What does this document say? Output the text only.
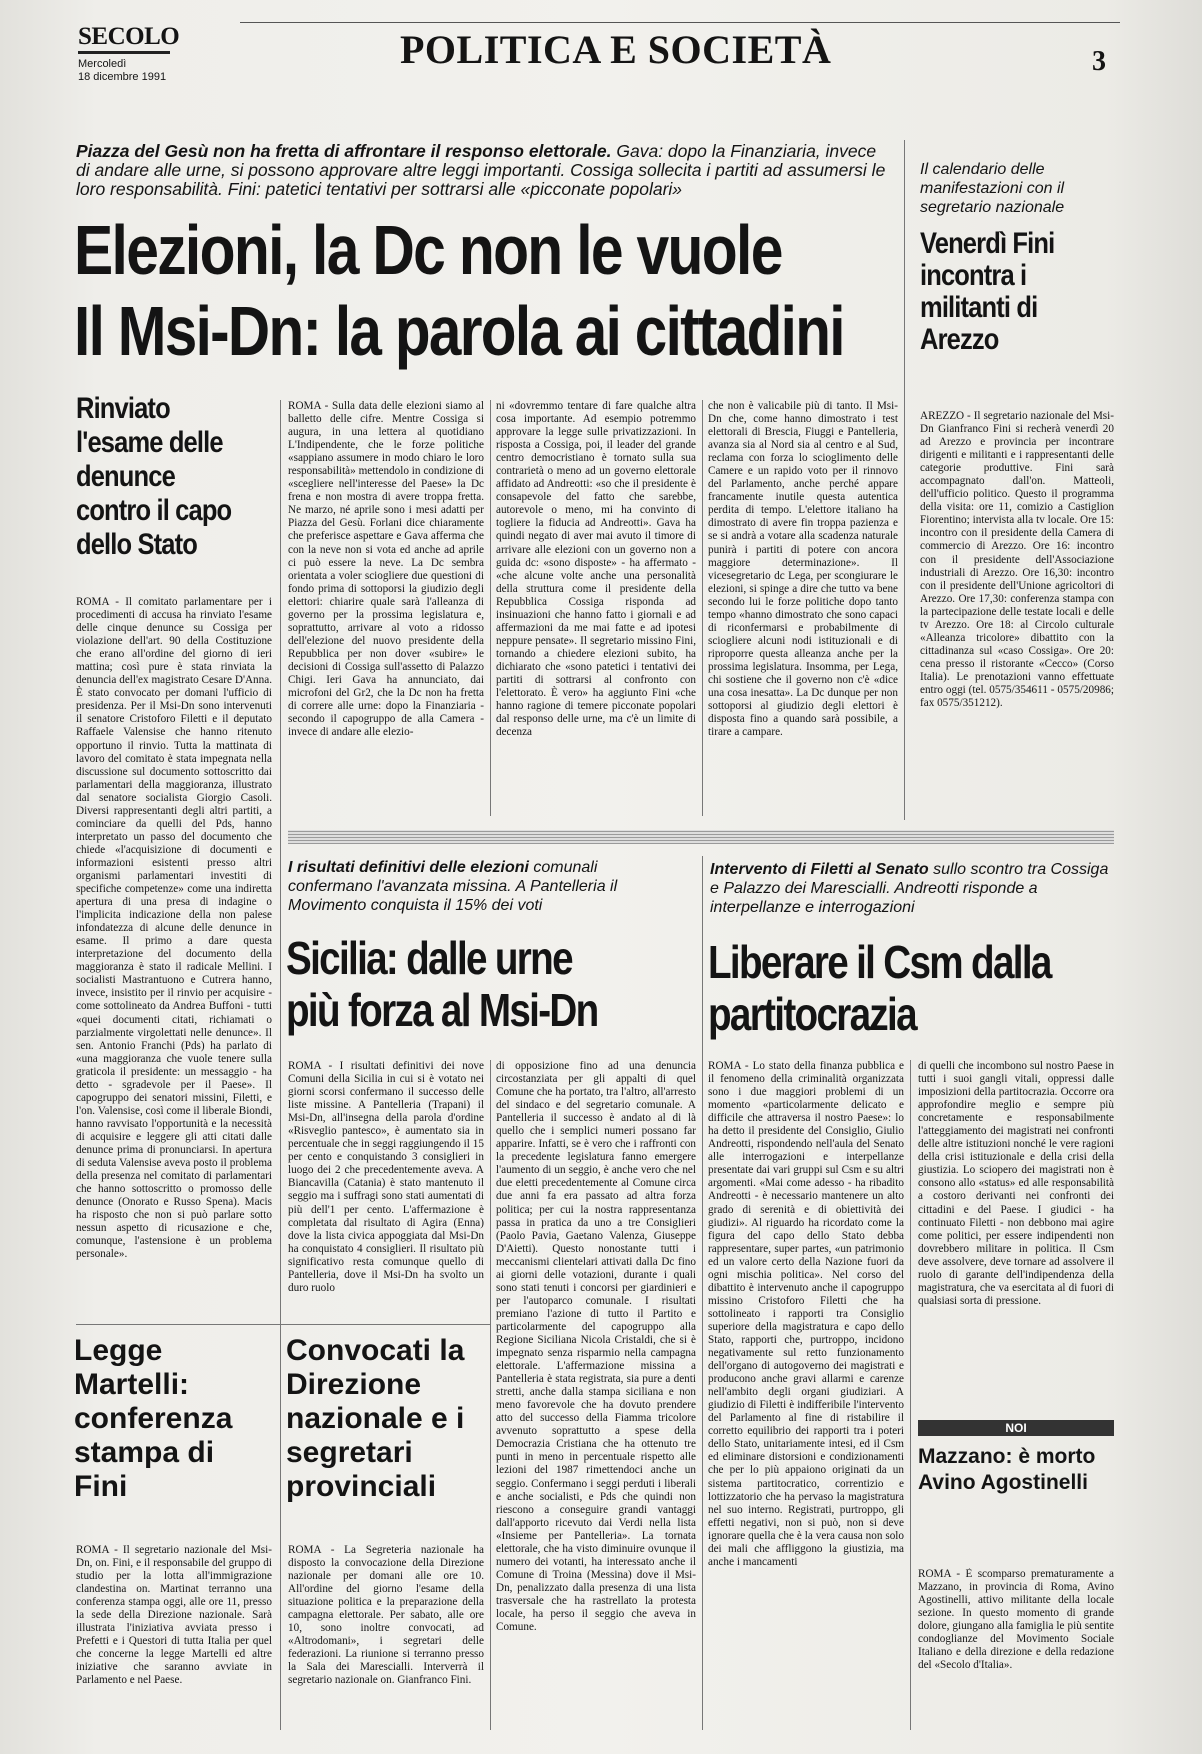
SECOLO
Mercoledì
18 dicembre 1991
POLITICA E SOCIETÀ	3
Piazza del Gesù non ha fretta di affrontare il responso elettorale. Gava: dopo la Finanziaria, invece di andare alle urne, si possono approvare altre leggi importanti. Cossiga sollecita i partiti ad assumersi le loro responsabilità. Fini: patetici tentativi per sottrarsi alle «picconate popolari»
Elezioni, la Dc non le vuole
Il Msi-Dn: la parola ai cittadini
Il calendario delle manifestazioni con il segretario nazionale
Venerdì Fini incontra i militanti di Arezzo
AREZZO - Il segretario nazionale del Msi-Dn Gianfranco Fini si recherà venerdì 20 ad Arezzo e provincia per incontrare dirigenti e militanti e i rappresentanti delle categorie produttive. Fini sarà accompagnato dall'on. Matteoli, dell'ufficio politico. Questo il programma della visita: ore 11, comizio a Castiglion Fiorentino; intervista alla tv locale. Ore 15: incontro con il presidente della Camera di commercio di Arezzo. Ore 16: incontro con il presidente dell'Associazione industriali di Arezzo. Ore 16,30: incontro con il presidente dell'Unione agricoltori di Arezzo. Ore 17,30: conferenza stampa con la partecipazione delle testate locali e delle tv Arezzo. Ore 18: al Circolo culturale «Alleanza tricolore» dibattito con la cittadinanza sul «caso Cossiga». Ore 20: cena presso il ristorante «Cecco» (Corso Italia). Le prenotazioni vanno effettuate entro oggi (tel. 0575/354611 - 0575/20986; fax 0575/351212).
Rinviato l'esame delle denunce contro il capo dello Stato
ROMA - Il comitato parlamentare per i procedimenti di accusa ha rinviato l'esame delle cinque denunce su Cossiga per violazione dell'art. 90 della Costituzione che erano all'ordine del giorno di ieri mattina; così pure è stata rinviata la denuncia dell'ex magistrato Cesare D'Anna. È stato convocato per domani l'ufficio di presidenza. Per il Msi-Dn sono intervenuti il senatore Cristoforo Filetti e il deputato Raffaele Valensise che hanno ritenuto opportuno il rinvio. Tutta la mattinata di lavoro del comitato è stata impegnata nella discussione sul documento sottoscritto dai parlamentari della maggioranza, illustrato dal senatore socialista Giorgio Casoli. Diversi rappresentanti degli altri partiti, a cominciare da quelli del Pds, hanno interpretato un passo del documento che chiede «l'acquisizione di documenti e informazioni esistenti presso altri organismi parlamentari investiti di specifiche competenze» come una indiretta apertura di una presa di indagine o l'implicita indicazione della non palese infondatezza di alcune delle denunce in esame. Il primo a dare questa interpretazione del documento della maggioranza è stato il radicale Mellini. I socialisti Mastrantuono e Cutrera hanno, invece, insistito per il rinvio per acquisire - come sottolineato da Andrea Buffoni - tutti «quei documenti citati, richiamati o parzialmente virgolettati nelle denunce». Il sen. Antonio Franchi (Pds) ha parlato di «una maggioranza che vuole tenere sulla graticola il presidente: un messaggio - ha detto - sgradevole per il Paese». Il capogruppo dei senatori missini, Filetti, e l'on. Valensise, così come il liberale Biondi, hanno ravvisato l'opportunità e la necessità di acquisire e leggere gli atti citati dalle denunce prima di pronunciarsi. In apertura di seduta Valensise aveva posto il problema della presenza nel comitato di parlamentari che hanno sottoscritto o promosso delle denunce (Onorato e Russo Spena). Macis ha risposto che non si può parlare sotto nessun aspetto di ricusazione e che, comunque, l'astensione è un problema personale».
ROMA - Sulla data delle elezioni siamo al balletto delle cifre. Mentre Cossiga si augura, in una lettera al quotidiano L'Indipendente, che le forze politiche «sappiano assumere in modo chiaro le loro responsabilità» mettendolo in condizione di «scegliere nell'interesse del Paese» la Dc frena e non mostra di avere troppa fretta. Ne marzo, né aprile sono i mesi adatti per Piazza del Gesù. Forlani dice chiaramente che preferisce aspettare e Gava afferma che con la neve non si vota ed anche ad aprile ci può essere la neve. La Dc sembra orientata a voler sciogliere due questioni di fondo prima di sottoporsi la giudizio degli elettori: chiarire quale sarà l'alleanza di governo per la prossima legislatura e, soprattutto, arrivare al voto a ridosso dell'elezione del nuovo presidente della Repubblica per non dover «subire» le decisioni di Cossiga sull'assetto di Palazzo Chigi. Ieri Gava ha annunciato, dai microfoni del Gr2, che la Dc non ha fretta di correre alle urne: dopo la Finanziaria - secondo il capogruppo de alla Camera - invece di andare alle elezio-
ni «dovremmo tentare di fare qualche altra cosa importante. Ad esempio potremmo approvare la legge sulle privatizzazioni. In risposta a Cossiga, poi, il leader del grande centro democristiano è tornato sulla sua contrarietà o meno ad un governo elettorale affidato ad Andreotti: «so che il presidente è consapevole del fatto che sarebbe, autorevole o meno, mi ha convinto di togliere la fiducia ad Andreotti». Gava ha quindi negato di aver mai avuto il timore di arrivare alle elezioni con un governo non a guida dc: «sono disposte» - ha affermato - «che alcune volte anche una personalità della struttura come il presidente della Repubblica Cossiga risponda ad insinuazioni che hanno fatto i giornali e ad affermazioni da me mai fatte e ad ipotesi neppure pensate». Il segretario missino Fini, tornando a chiedere elezioni subito, ha dichiarato che «sono patetici i tentativi dei partiti di sottrarsi al confronto con l'elettorato. È vero» ha aggiunto Fini «che hanno ragione di temere picconate popolari dal responso delle urne, ma c'è un limite di decenza
che non è valicabile più di tanto. Il Msi-Dn che, come hanno dimostrato i test elettorali di Brescia, Fiuggi e Pantelleria, avanza sia al Nord sia al centro e al Sud, reclama con forza lo scioglimento delle Camere e un rapido voto per il rinnovo del Parlamento, anche perché appare francamente inutile questa autentica perdita di tempo. L'elettore italiano ha dimostrato di avere fin troppa pazienza e se si andrà a votare alla scadenza naturale punirà i partiti di potere con ancora maggiore determinazione». Il vicesegretario dc Lega, per scongiurare le elezioni, si spinge a dire che tutto va bene secondo lui le forze politiche dopo tanto tempo «hanno dimostrato che sono capaci di riconfermarsi e probabilmente di sciogliere alcuni nodi istituzionali e di riproporre questa alleanza anche per la prossima legislatura. Insomma, per Lega, chi sostiene che il governo non c'è «dice una cosa inesatta». La Dc dunque per non sottoporsi al giudizio degli elettori è disposta fino a quando sarà possibile, a tirare a campare.
I risultati definitivi delle elezioni comunali confermano l'avanzata missina. A Pantelleria il Movimento conquista il 15% dei voti
Sicilia: dalle urne più forza al Msi-Dn
ROMA - I risultati definitivi dei nove Comuni della Sicilia in cui si è votato nei giorni scorsi confermano il successo delle liste missine. A Pantelleria (Trapani) il Msi-Dn, all'insegna della parola d'ordine «Risveglio pantesco», è aumentato sia in percentuale che in seggi raggiungendo il 15 per cento e conquistando 3 consiglieri in luogo dei 2 che precedentemente aveva. A Biancavilla (Catania) è stato mantenuto il seggio ma i suffragi sono stati aumentati di più dell'1 per cento. L'affermazione è completata dal risultato di Agira (Enna) dove la lista civica appoggiata dal Msi-Dn ha conquistato 4 consiglieri. Il risultato più significativo resta comunque quello di Pantelleria, dove il Msi-Dn ha svolto un duro ruolo
di opposizione fino ad una denuncia circostanziata per gli appalti di quel Comune che ha portato, tra l'altro, all'arresto del sindaco e del segretario comunale. A Pantelleria il successo è andato al di là quello che i semplici numeri possano far apparire. Infatti, se è vero che i raffronti con la precedente legislatura fanno emergere l'aumento di un seggio, è anche vero che nel due eletti precedentemente al Comune circa due anni fa era passato ad altra forza politica; per cui la nostra rappresentanza passa in pratica da uno a tre Consiglieri (Paolo Pavia, Gaetano Valenza, Giuseppe D'Aietti). Questo nonostante tutti i meccanismi clientelari attivati dalla Dc fino ai giorni delle votazioni, durante i quali sono stati tenuti i concorsi per giardinieri e per l'autoparco comunale. I risultati premiano l'azione di tutto il Partito e particolarmente del capogruppo alla Regione Siciliana Nicola Cristaldi, che si è impegnato senza risparmio nella campagna elettorale. L'affermazione missina a Pantelleria è stata registrata, sia pure a denti stretti, anche dalla stampa siciliana e non meno favorevole che ha dovuto prendere atto del successo della Fiamma tricolore avvenuto soprattutto a spese della Democrazia Cristiana che ha ottenuto tre punti in meno in percentuale rispetto alle lezioni del 1987 rimettendoci anche un seggio. Confermano i seggi perduti i liberali e anche socialisti, e Pds che quindi non riescono a conseguire grandi vantaggi dall'apporto ricevuto dai Verdi nella lista «Insieme per Pantelleria». La tornata elettorale, che ha visto diminuire ovunque il numero dei votanti, ha interessato anche il Comune di Troina (Messina) dove il Msi-Dn, penalizzato dalla presenza di una lista trasversale che ha rastrellato la protesta locale, ha perso il seggio che aveva in Comune.
Intervento di Filetti al Senato sullo scontro tra Cossiga e Palazzo dei Marescialli. Andreotti risponde a interpellanze e interrogazioni
Liberare il Csm dalla partitocrazia
ROMA - Lo stato della finanza pubblica e il fenomeno della criminalità organizzata sono i due maggiori problemi di un momento «particolarmente delicato e difficile che attraversa il nostro Paese»: lo ha detto il presidente del Consiglio, Giulio Andreotti, rispondendo nell'aula del Senato alle interrogazioni e interpellanze presentate dai vari gruppi sul Csm e su altri argomenti. «Mai come adesso - ha ribadito Andreotti - è necessario mantenere un alto grado di serenità e di obiettività dei giudizi». Al riguardo ha ricordato come la figura del capo dello Stato debba rappresentare, super partes, «un patrimonio ed un valore certo della Nazione fuori da ogni mischia politica». Nel corso del dibattito è intervenuto anche il capogruppo missino Cristoforo Filetti che ha sottolineato i rapporti tra Consiglio superiore della magistratura e capo dello Stato, rapporti che, purtroppo, incidono negativamente sul retto funzionamento dell'organo di autogoverno dei magistrati e producono anche gravi allarmi e carenze nell'ambito degli organi giudiziari. A giudizio di Filetti è indifferibile l'intervento del Parlamento al fine di ristabilire il corretto equilibrio dei rapporti tra i poteri dello Stato, unitariamente intesi, ed il Csm ed eliminare distorsioni e condizionamenti che per lo più appaiono originati da un sistema partitocratico, correntizio e lottizzatorio che ha pervaso la magistratura nel suo interno. Registrati, purtroppo, gli effetti negativi, non si può, non si deve ignorare quella che è la vera causa non solo dei mali che affliggono la giustizia, ma anche i mancamenti
di quelli che incombono sul nostro Paese in tutti i suoi gangli vitali, oppressi dalle imposizioni della partitocrazia. Occorre ora approfondire meglio e sempre più concretamente e responsabilmente l'atteggiamento dei magistrati nei confronti delle altre istituzioni nonché le vere ragioni della crisi istituzionale e della crisi della giustizia. Lo sciopero dei magistrati non è consono allo «status» ed alle responsabilità a costoro derivanti nei confronti dei cittadini e del Paese. I giudici - ha continuato Filetti - non debbono mai agire come politici, per essere indipendenti non dovrebbero militare in politica. Il Csm deve assolvere, deve tornare ad assolvere il ruolo di garante dell'indipendenza della magistratura, che va esercitata al di fuori di qualsiasi sorta di pressione.
NOI
Mazzano: è morto Avino Agostinelli
ROMA - È scomparso prematuramente a Mazzano, in provincia di Roma, Avino Agostinelli, attivo militante della locale sezione. In questo momento di grande dolore, giungano alla famiglia le più sentite condoglianze del Movimento Sociale Italiano e della direzione e della redazione del «Secolo d'Italia».
Legge Martelli: conferenza stampa di Fini
ROMA - Il segretario nazionale del Msi-Dn, on. Fini, e il responsabile del gruppo di studio per la lotta all'immigrazione clandestina on. Martinat terranno una conferenza stampa oggi, alle ore 11, presso la sede della Direzione nazionale. Sarà illustrata l'iniziativa avviata presso i Prefetti e i Questori di tutta Italia per quel che concerne la legge Martelli ed altre iniziative che saranno avviate in Parlamento e nel Paese.
Convocati la Direzione nazionale e i segretari provinciali
ROMA - La Segreteria nazionale ha disposto la convocazione della Direzione nazionale per domani alle ore 10. All'ordine del giorno l'esame della situazione politica e la preparazione della campagna elettorale. Per sabato, alle ore 10, sono inoltre convocati, ad «Altrodomani», i segretari delle federazioni. La riunione si terranno presso la Sala dei Marescialli. Interverrà il segretario nazionale on. Gianfranco Fini.
